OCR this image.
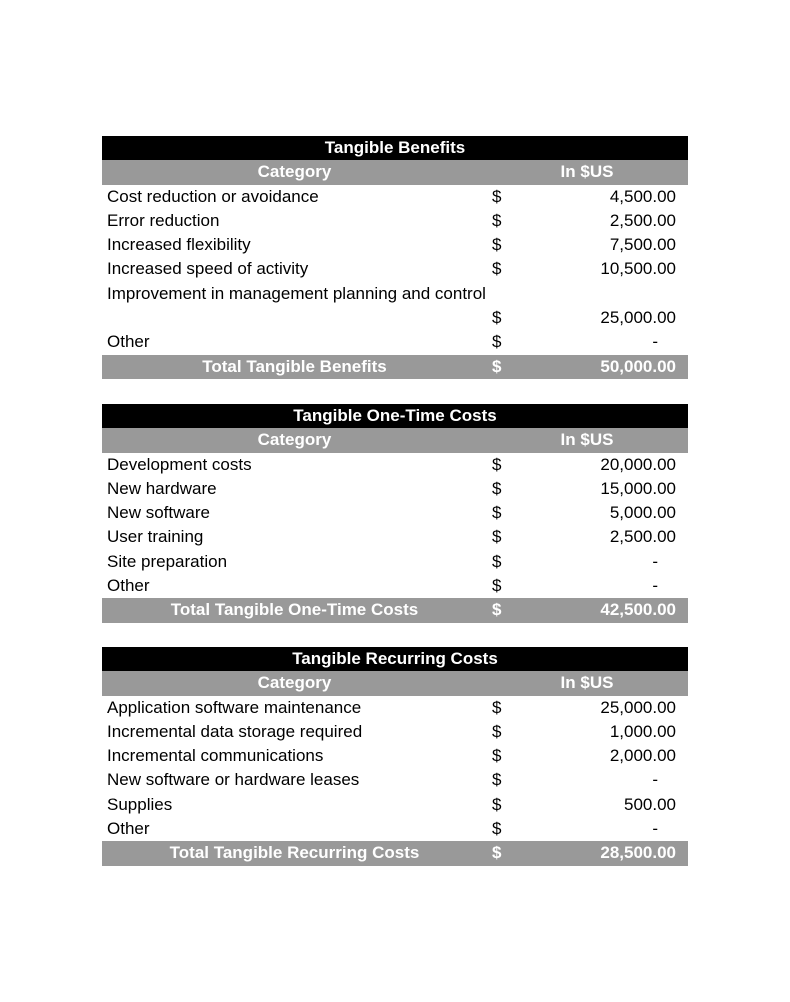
Tangible Benefits
Category	In $US
Cost reduction or avoidance	$	4,500.00
Error reduction	$	2,500.00
Increased flexibility	$	7,500.00
Increased speed of activity	$	10,500.00
Improvement in management planning and control
$	25,000.00
Other	$	-
Total Tangible Benefits	$	50,000.00
Tangible One-Time Costs
Category	In $US
Development costs	$	20,000.00
New hardware	$	15,000.00
New software	$	5,000.00
User training	$	2,500.00
Site preparation	$	-
Other	$	-
Total Tangible One-Time Costs	$	42,500.00
Tangible Recurring Costs
Category	In $US
Application software maintenance	$	25,000.00
Incremental data storage required	$	1,000.00
Incremental communications	$	2,000.00
New software or hardware leases	$	-
Supplies	$	500.00
Other	$	-
Total Tangible Recurring Costs	$	28,500.00
